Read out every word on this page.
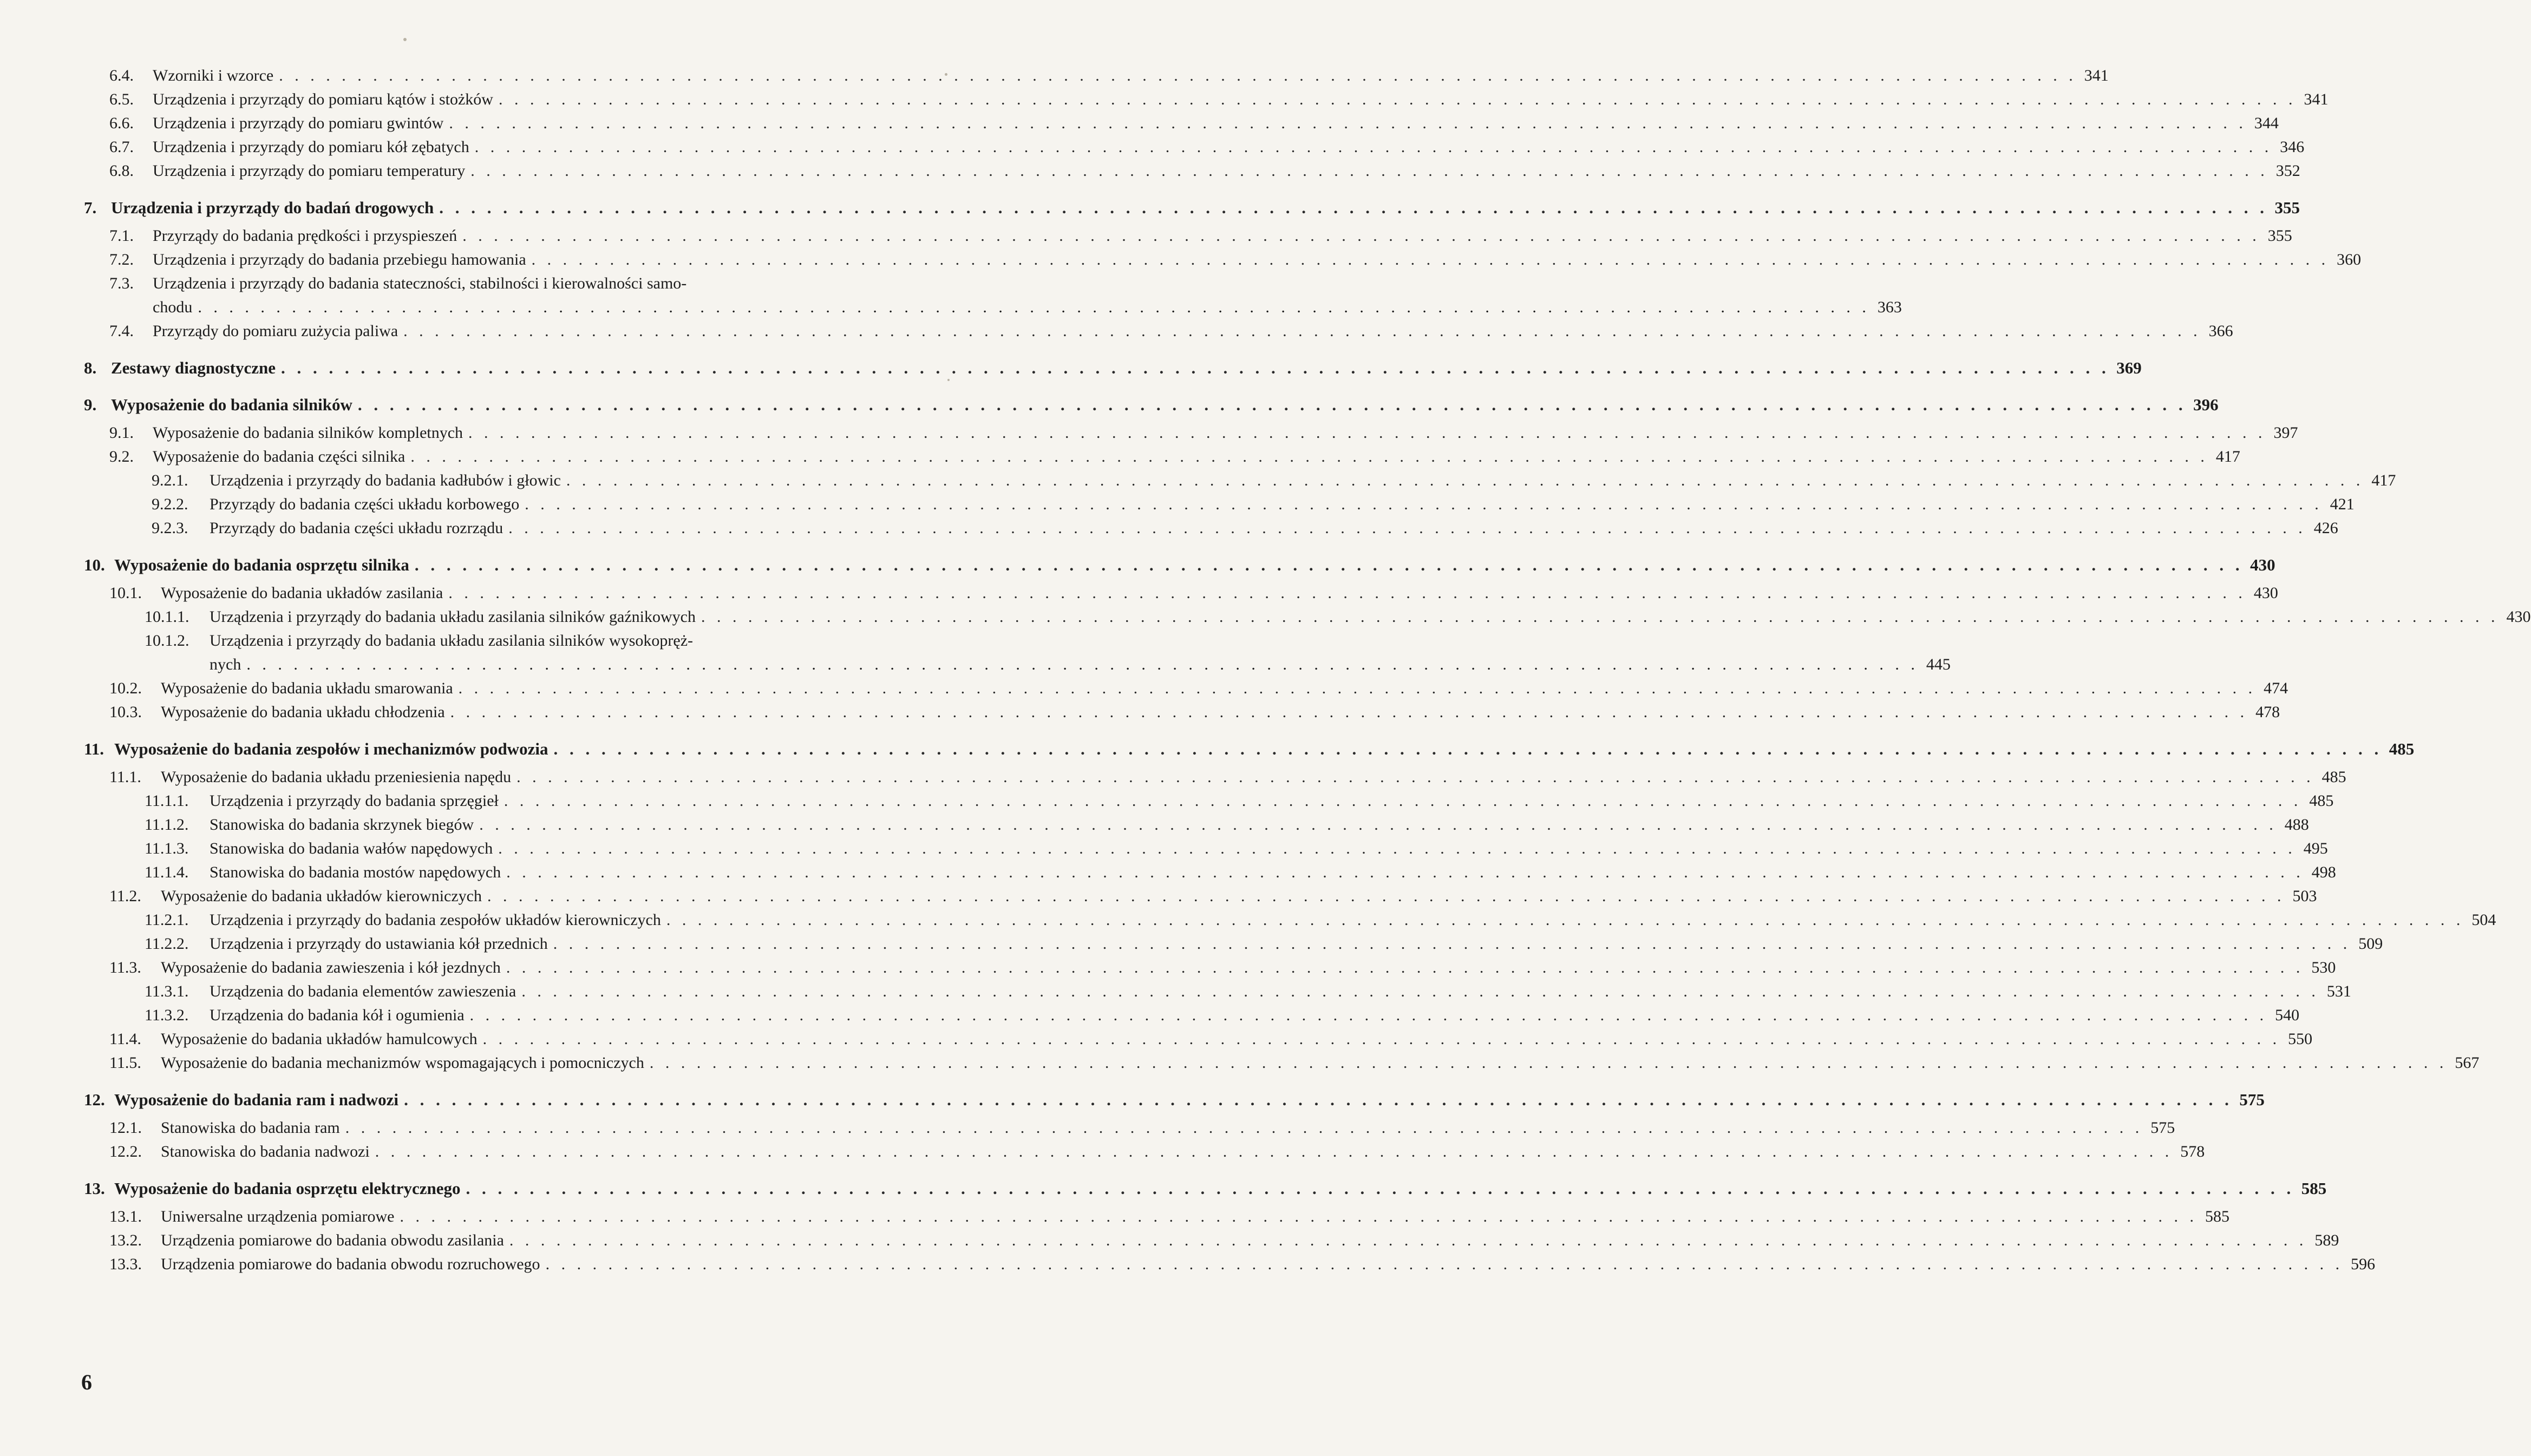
6.4.	Wzorniki i wzorce . . .	341
6.5.	Urządzenia i przyrządy do pomiaru kątów i stożków . . .	341
6.6.	Urządzenia i przyrządy do pomiaru gwintów . . .	344
6.7.	Urządzenia i przyrządy do pomiaru kół zębatych . . .	346
6.8.	Urządzenia i przyrządy do pomiaru temperatury . . .	352
7. Urządzenia i przyrządy do badań drogowych . . .	355
7.1.	Przyrządy do badania prędkości i przyspieszeń . . .	355
7.2.	Urządzenia i przyrządy do badania przebiegu hamowania . . .	360
7.3.	Urządzenia i przyrządy do badania stateczności, stabilności i kierowalności samo-
chodu . . .	363
7.4.	Przyrządy do pomiaru zużycia paliwa . . .	366
8. Zestawy diagnostyczne . . .	369
9. Wyposażenie do badania silników . . .	396
9.1.	Wyposażenie do badania silników kompletnych . . .	397
9.2.	Wyposażenie do badania części silnika . . .	417
9.2.1.	Urządzenia i przyrządy do badania kadłubów i głowic . . .	417
9.2.2.	Przyrządy do badania części układu korbowego . . .	421
9.2.3.	Przyrządy do badania części układu rozrządu . . .	426
10. Wyposażenie do badania osprzętu silnika . . .	430
10.1.	Wyposażenie do badania układów zasilania . . .	430
10.1.1.	Urządzenia i przyrządy do badania układu zasilania silników gaźnikowych . . .	430
10.1.2.	Urządzenia i przyrządy do badania układu zasilania silników wysokopręż-
nych . . .	445
10.2.	Wyposażenie do badania układu smarowania . . .	474
10.3.	Wyposażenie do badania układu chłodzenia . . .	478
11. Wyposażenie do badania zespołów i mechanizmów podwozia . . .	485
11.1.	Wyposażenie do badania układu przeniesienia napędu . . .	485
11.1.1.	Urządzenia i przyrządy do badania sprzęgieł . . .	485
11.1.2.	Stanowiska do badania skrzynek biegów . . .	488
11.1.3.	Stanowiska do badania wałów napędowych . . .	495
11.1.4.	Stanowiska do badania mostów napędowych . . .	498
11.2.	Wyposażenie do badania układów kierowniczych . . .	503
11.2.1.	Urządzenia i przyrządy do badania zespołów układów kierowniczych . . .	504
11.2.2.	Urządzenia i przyrządy do ustawiania kół przednich . . .	509
11.3.	Wyposażenie do badania zawieszenia i kół jezdnych . . .	530
11.3.1.	Urządzenia do badania elementów zawieszenia . . .	531
11.3.2.	Urządzenia do badania kół i ogumienia . . .	540
11.4.	Wyposażenie do badania układów hamulcowych . . .	550
11.5.	Wyposażenie do badania mechanizmów wspomagających i pomocniczych . . .	567
12. Wyposażenie do badania ram i nadwozi . . .	575
12.1.	Stanowiska do badania ram . . .	575
12.2.	Stanowiska do badania nadwozi . . .	578
13. Wyposażenie do badania osprzętu elektrycznego . . .	585
13.1.	Uniwersalne urządzenia pomiarowe . . .	585
13.2.	Urządzenia pomiarowe do badania obwodu zasilania . . .	589
13.3.	Urządzenia pomiarowe do badania obwodu rozruchowego . . .	596
6
